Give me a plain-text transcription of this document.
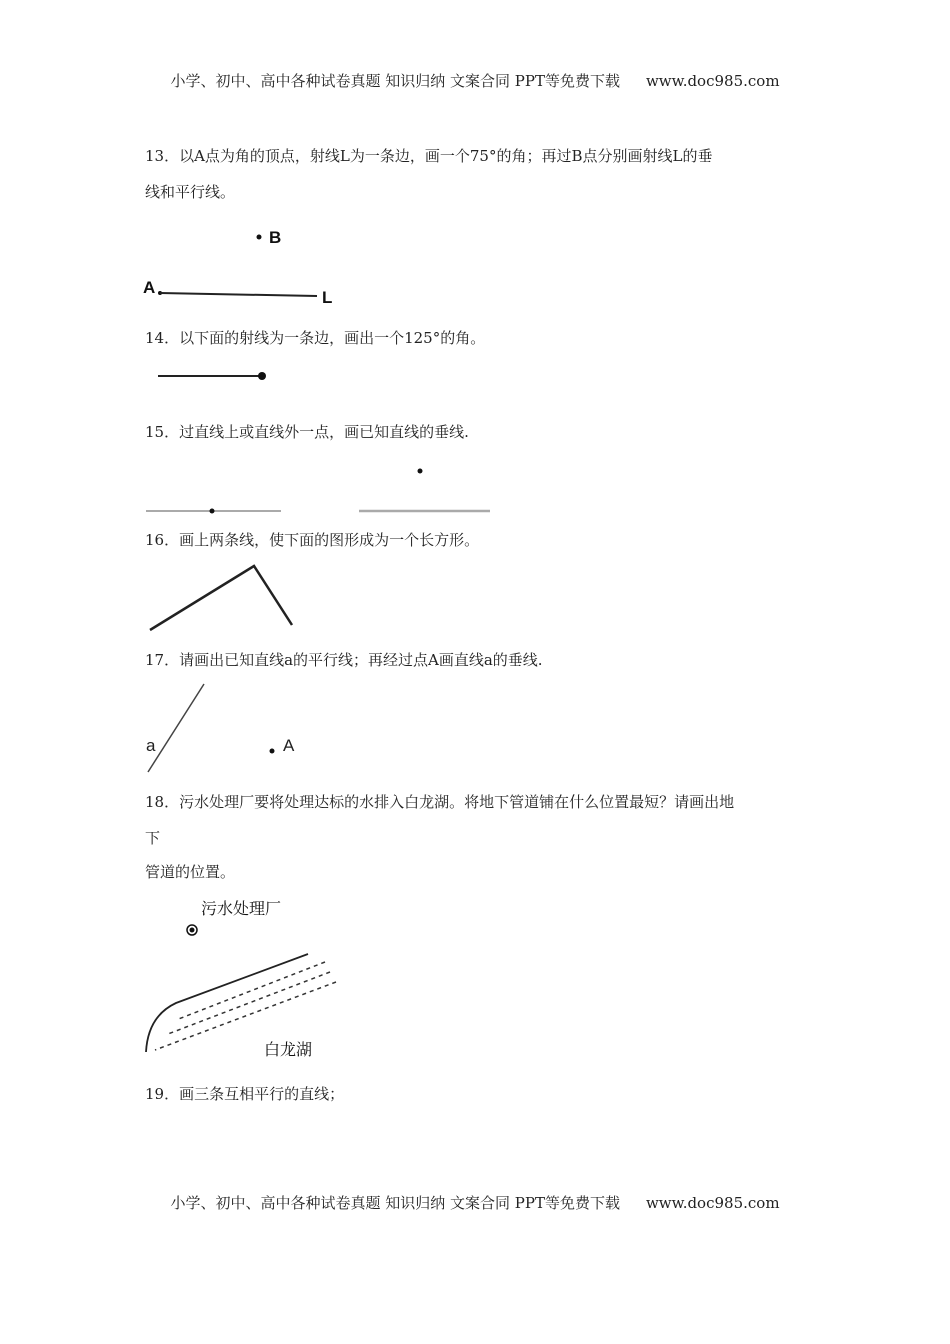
小学、初中、高中各种试卷真题 知识归纳 文案合同 PPT等免费下载 www.doc985.com
13．以A点为角的顶点，射线L为一条边，画一个75°的角；再过B点分别画射线L的垂
线和平行线。
14．以下面的射线为一条边，画出一个125°的角。
15．过直线上或直线外一点，画已知直线的垂线.
16．画上两条线，使下面的图形成为一个长方形。
17．请画出已知直线a的平行线；再经过点A画直线a的垂线.
18．污水处理厂要将处理达标的水排入白龙湖。将地下管道铺在什么位置最短？请画出地
下
管道的位置。
19．画三条互相平行的直线；
B
A
L
a	A
污水处理厂
白龙湖
小学、初中、高中各种试卷真题 知识归纳 文案合同 PPT等免费下载 www.doc985.com
